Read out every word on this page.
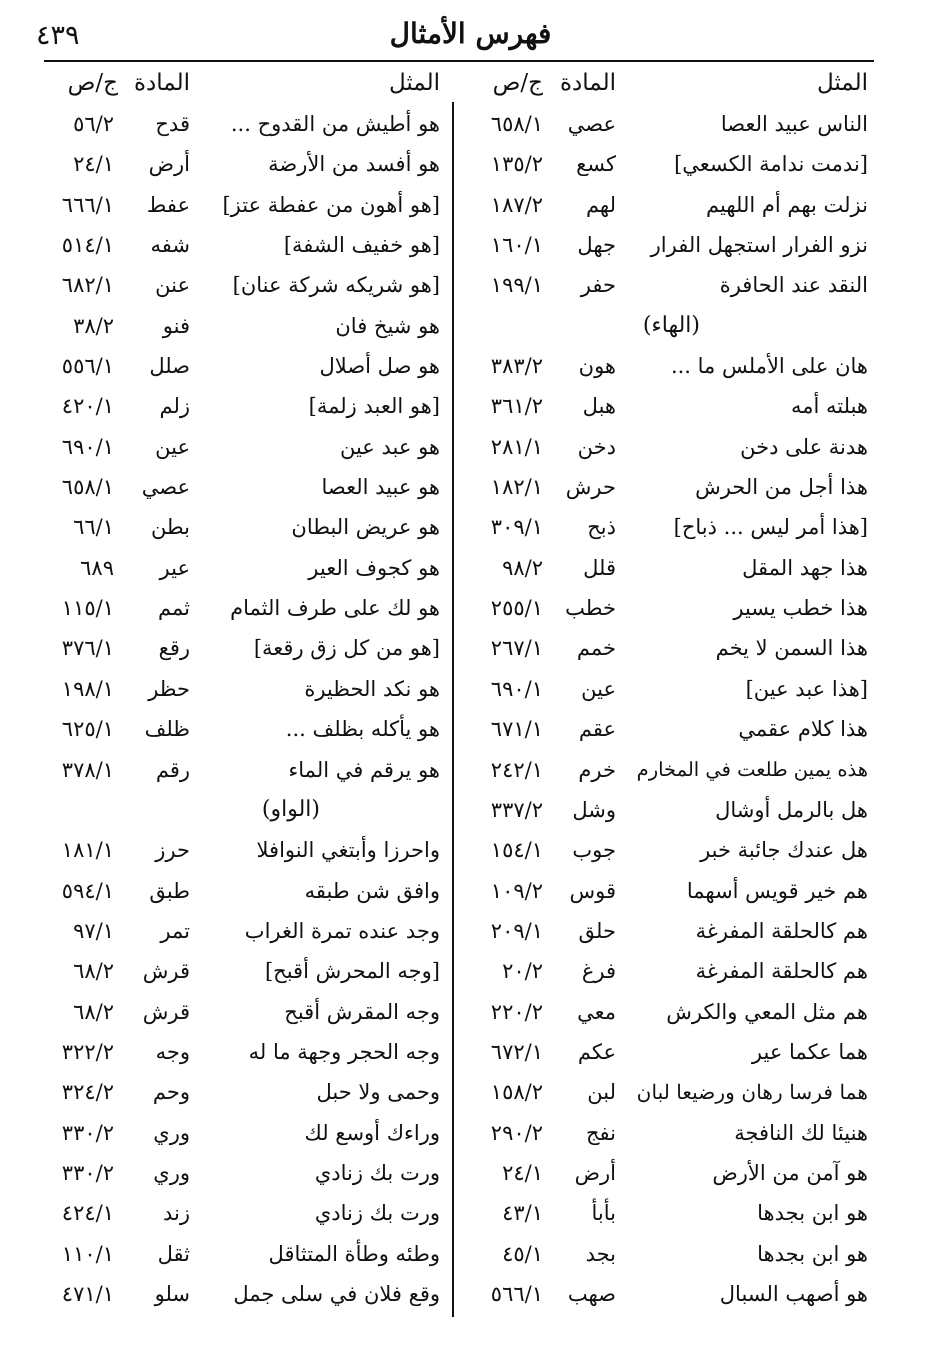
فهرس الأمثال
٤٣٩
المثل
المادة
ج/ص
المثل
المادة
ج/ص
الناس عبيد العصا
عصي
٦٥٨/١
[ندمت ندامة الكسعي]
كسع
١٣٥/٢
نزلت بهم أم اللهيم
لهم
١٨٧/٢
نزو الفرار استجهل الفرار
جهل
١٦٠/١
النقد عند الحافرة
حفر
١٩٩/١
(الهاء)
هان على الأملس ما ...
هون
٣٨٣/٢
هبلته أمه
هبل
٣٦١/٢
هدنة على دخن
دخن
٢٨١/١
هذا أجل من الحرش
حرش
١٨٢/١
[هذا أمر ليس ... ذباح]
ذبح
٣٠٩/١
هذا جهد المقل
قلل
٩٨/٢
هذا خطب يسير
خطب
٢٥٥/١
هذا السمن لا يخم
خمم
٢٦٧/١
[هذا عبد عين]
عين
٦٩٠/١
هذا كلام عقمي
عقم
٦٧١/١
هذه يمين طلعت في المخارم
خرم
٢٤٢/١
هل بالرمل أوشال
وشل
٣٣٧/٢
هل عندك جائبة خبر
جوب
١٥٤/١
هم خير قويس أسهما
قوس
١٠٩/٢
هم كالحلقة المفرغة
حلق
٢٠٩/١
هم كالحلقة المفرغة
فرغ
٢٠/٢
هم مثل المعي والكرش
معي
٢٢٠/٢
هما عكما عير
عكم
٦٧٢/١
هما فرسا رهان ورضيعا لبان
لبن
١٥٨/٢
هنيئا لك النافجة
نفج
٢٩٠/٢
هو آمن من الأرض
أرض
٢٤/١
هو ابن بجدها
بأبأ
٤٣/١
هو ابن بجدها
بجد
٤٥/١
هو أصهب السبال
صهب
٥٦٦/١
هو أطيش من القدوح ...
قدح
٥٦/٢
هو أفسد من الأرضة
أرض
٢٤/١
[هو أهون من عفطة عتز]
عفط
٦٦٦/١
[هو خفيف الشفة]
شفه
٥١٤/١
[هو شريكه شركة عنان]
عنن
٦٨٢/١
هو شيخ فان
فنو
٣٨/٢
هو صل أصلال
صلل
٥٥٦/١
[هو العبد زلمة]
زلم
٤٢٠/١
هو عبد عين
عين
٦٩٠/١
هو عبيد العصا
عصي
٦٥٨/١
هو عريض البطان
بطن
٦٦/١
هو كجوف العير
عير
٦٨٩
هو لك على طرف الثمام
ثمم
١١٥/١
[هو من كل زق رقعة]
رقع
٣٧٦/١
هو نكد الحظيرة
حظر
١٩٨/١
هو يأكله بظلف ...
ظلف
٦٢٥/١
هو يرقم في الماء
رقم
٣٧٨/١
(الواو)
واحرزا وأبتغي النوافلا
حرز
١٨١/١
وافق شن طبقه
طبق
٥٩٤/١
وجد عنده تمرة الغراب
تمر
٩٧/١
[وجه المحرش أقبح]
قرش
٦٨/٢
وجه المقرش أقبح
قرش
٦٨/٢
وجه الحجر وجهة ما له
وجه
٣٢٢/٢
وحمى ولا حبل
وحم
٣٢٤/٢
وراءك أوسع لك
وري
٣٣٠/٢
ورت بك زنادي
وري
٣٣٠/٢
ورت بك زنادي
زند
٤٢٤/١
وطئه وطأة المتثاقل
ثقل
١١٠/١
وقع فلان في سلى جمل
سلو
٤٧١/١
